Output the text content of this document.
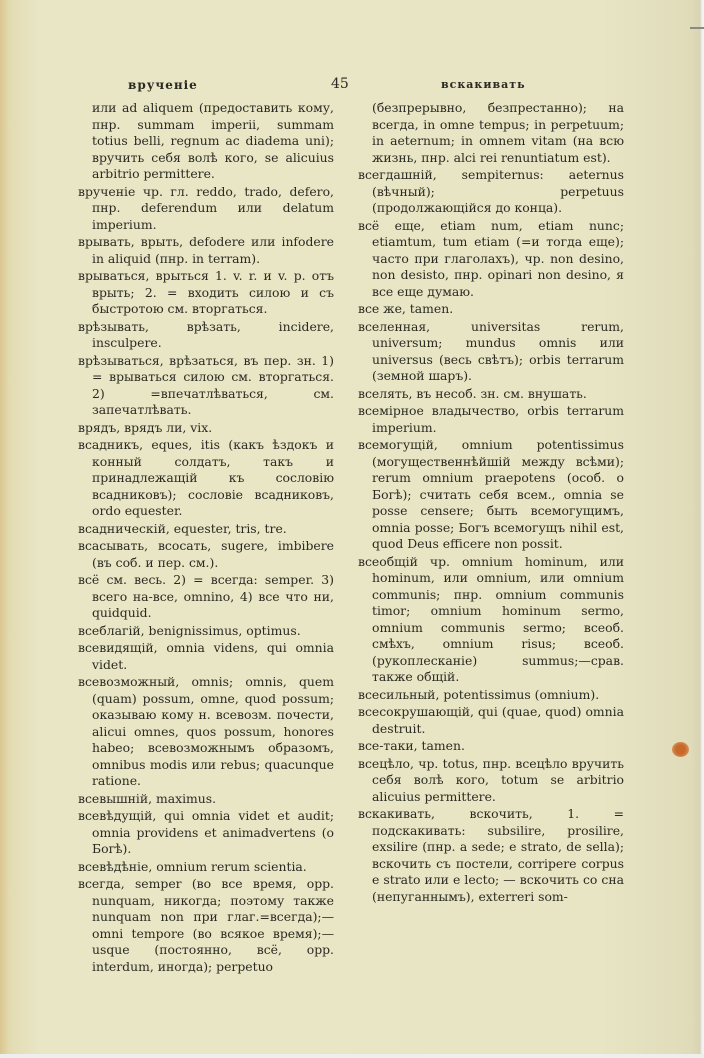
врученіе	45	вскакивать

или ad aliquem (предоставить кому, пнр. summam imperii, summam totius belli, regnum ac diadema uni); вручить себя волѣ кого, se alicuius arbitrio permittere.

врученіе чр. гл. reddo, trado, defero, пнр. deferendum или delatum imperium.

врывать, врыть, defodere или infodere in aliquid (пнр. in terram).

врываться, врыться 1. v. r. и v. p. отъ врыть; 2. = входить силою и съ быстротою см. вторгаться.

врѣзывать, врѣзать, incidere, insculpere.

врѣзываться, врѣзаться, въ пер. зн. 1) = врываться силою см. вторгаться. 2) =впечатлѣваться, см. запечатлѣвать.

врядъ, врядъ ли, vix.

всадникъ, eques, itis (какъ ѣздокъ и конный солдатъ, такъ и принадлежащій къ сословію всадниковъ); сословіе всадниковъ, ordo equester.

всадническій, equester, tris, tre.

всасывать, всосать, sugere, imbibere (въ соб. и пер. см.).

всё см. весь. 2) = всегда: semper. 3) всего на-все, omnino, 4) все что ни, quidquid.

всеблагій, benignissimus, optimus.

всевидящій, omnia videns, qui omnia videt.

всевозможный, omnis; omnis, quem (quam) possum, omne, quod possum; оказываю кому н. всевозм. почести, alicui omnes, quos possum, honores habeo; всевозможнымъ образомъ, omnibus modis или rebus; quacunque ratione.

всевышній, maximus.

всевѣдущій, qui omnia videt et audit; omnia providens et animadvertens (о Богѣ).

всевѣдѣніе, omnium rerum scientia.

всегда, semper (во все время, opp. nunquam, никогда; поэтому также nunquam non при глаг.=всегда);—omni tempore (во всякое время);—usque (постоянно, всё, opp. interdum, иногда); perpetuo

(безпрерывно, безпрестанно); на всегда, in omne tempus; in perpetuum; in aeternum; in omnem vitam (на всю жизнь, пнр. alci rei renuntiatum est).

всегдашній, sempiternus: aeternus (вѣчный); perpetuus (продолжающійся до конца).

всё еще, etiam num, etiam nunc; etiamtum, tum etiam (=и тогда еще); часто при глаголахъ), чр. non desino, non desisto, пнр. opinari non desino, я все еще думаю.

все же, tamen.

вселенная, universitas rerum, universum; mundus omnis или universus (весь свѣтъ); orbis terrarum (земной шаръ).

вселять, въ несоб. зн. см. внушать.

всемірное владычество, orbis terrarum imperium.

всемогущій, omnium potentissimus (могущественнѣйшій между всѣми); rerum omnium praepotens (особ. о Богѣ); считать себя всем., omnia se posse censere; быть всемогущимъ, omnia posse; Богъ всемогущъ nihil est, quod Deus efficere non possit.

всеобщій чр. omnium hominum, или hominum, или omnium, или omnium communis; пнр. omnium communis timor; omnium hominum sermo, omnium communis sermo; всеоб. смѣхъ, omnium risus; всеоб. (рукоплесканіе) summus;—срав. также общій.

всесильный, potentissimus (omnium).

всесокрушающій, qui (quae, quod) omnia destruit.

все-таки, tamen.

всецѣло, чр. totus, пнр. всецѣло вручить себя волѣ кого, totum se arbitrio alicuius permittere.

вскакивать, вскочить, 1. = подскакивать: subsilire, prosilire, exsilire (пнр. a sede; e strato, de sella); вскочить съ постели, corripere corpus e strato или e lecto; — вскочить со сна (непуганнымъ), exterreri som-
